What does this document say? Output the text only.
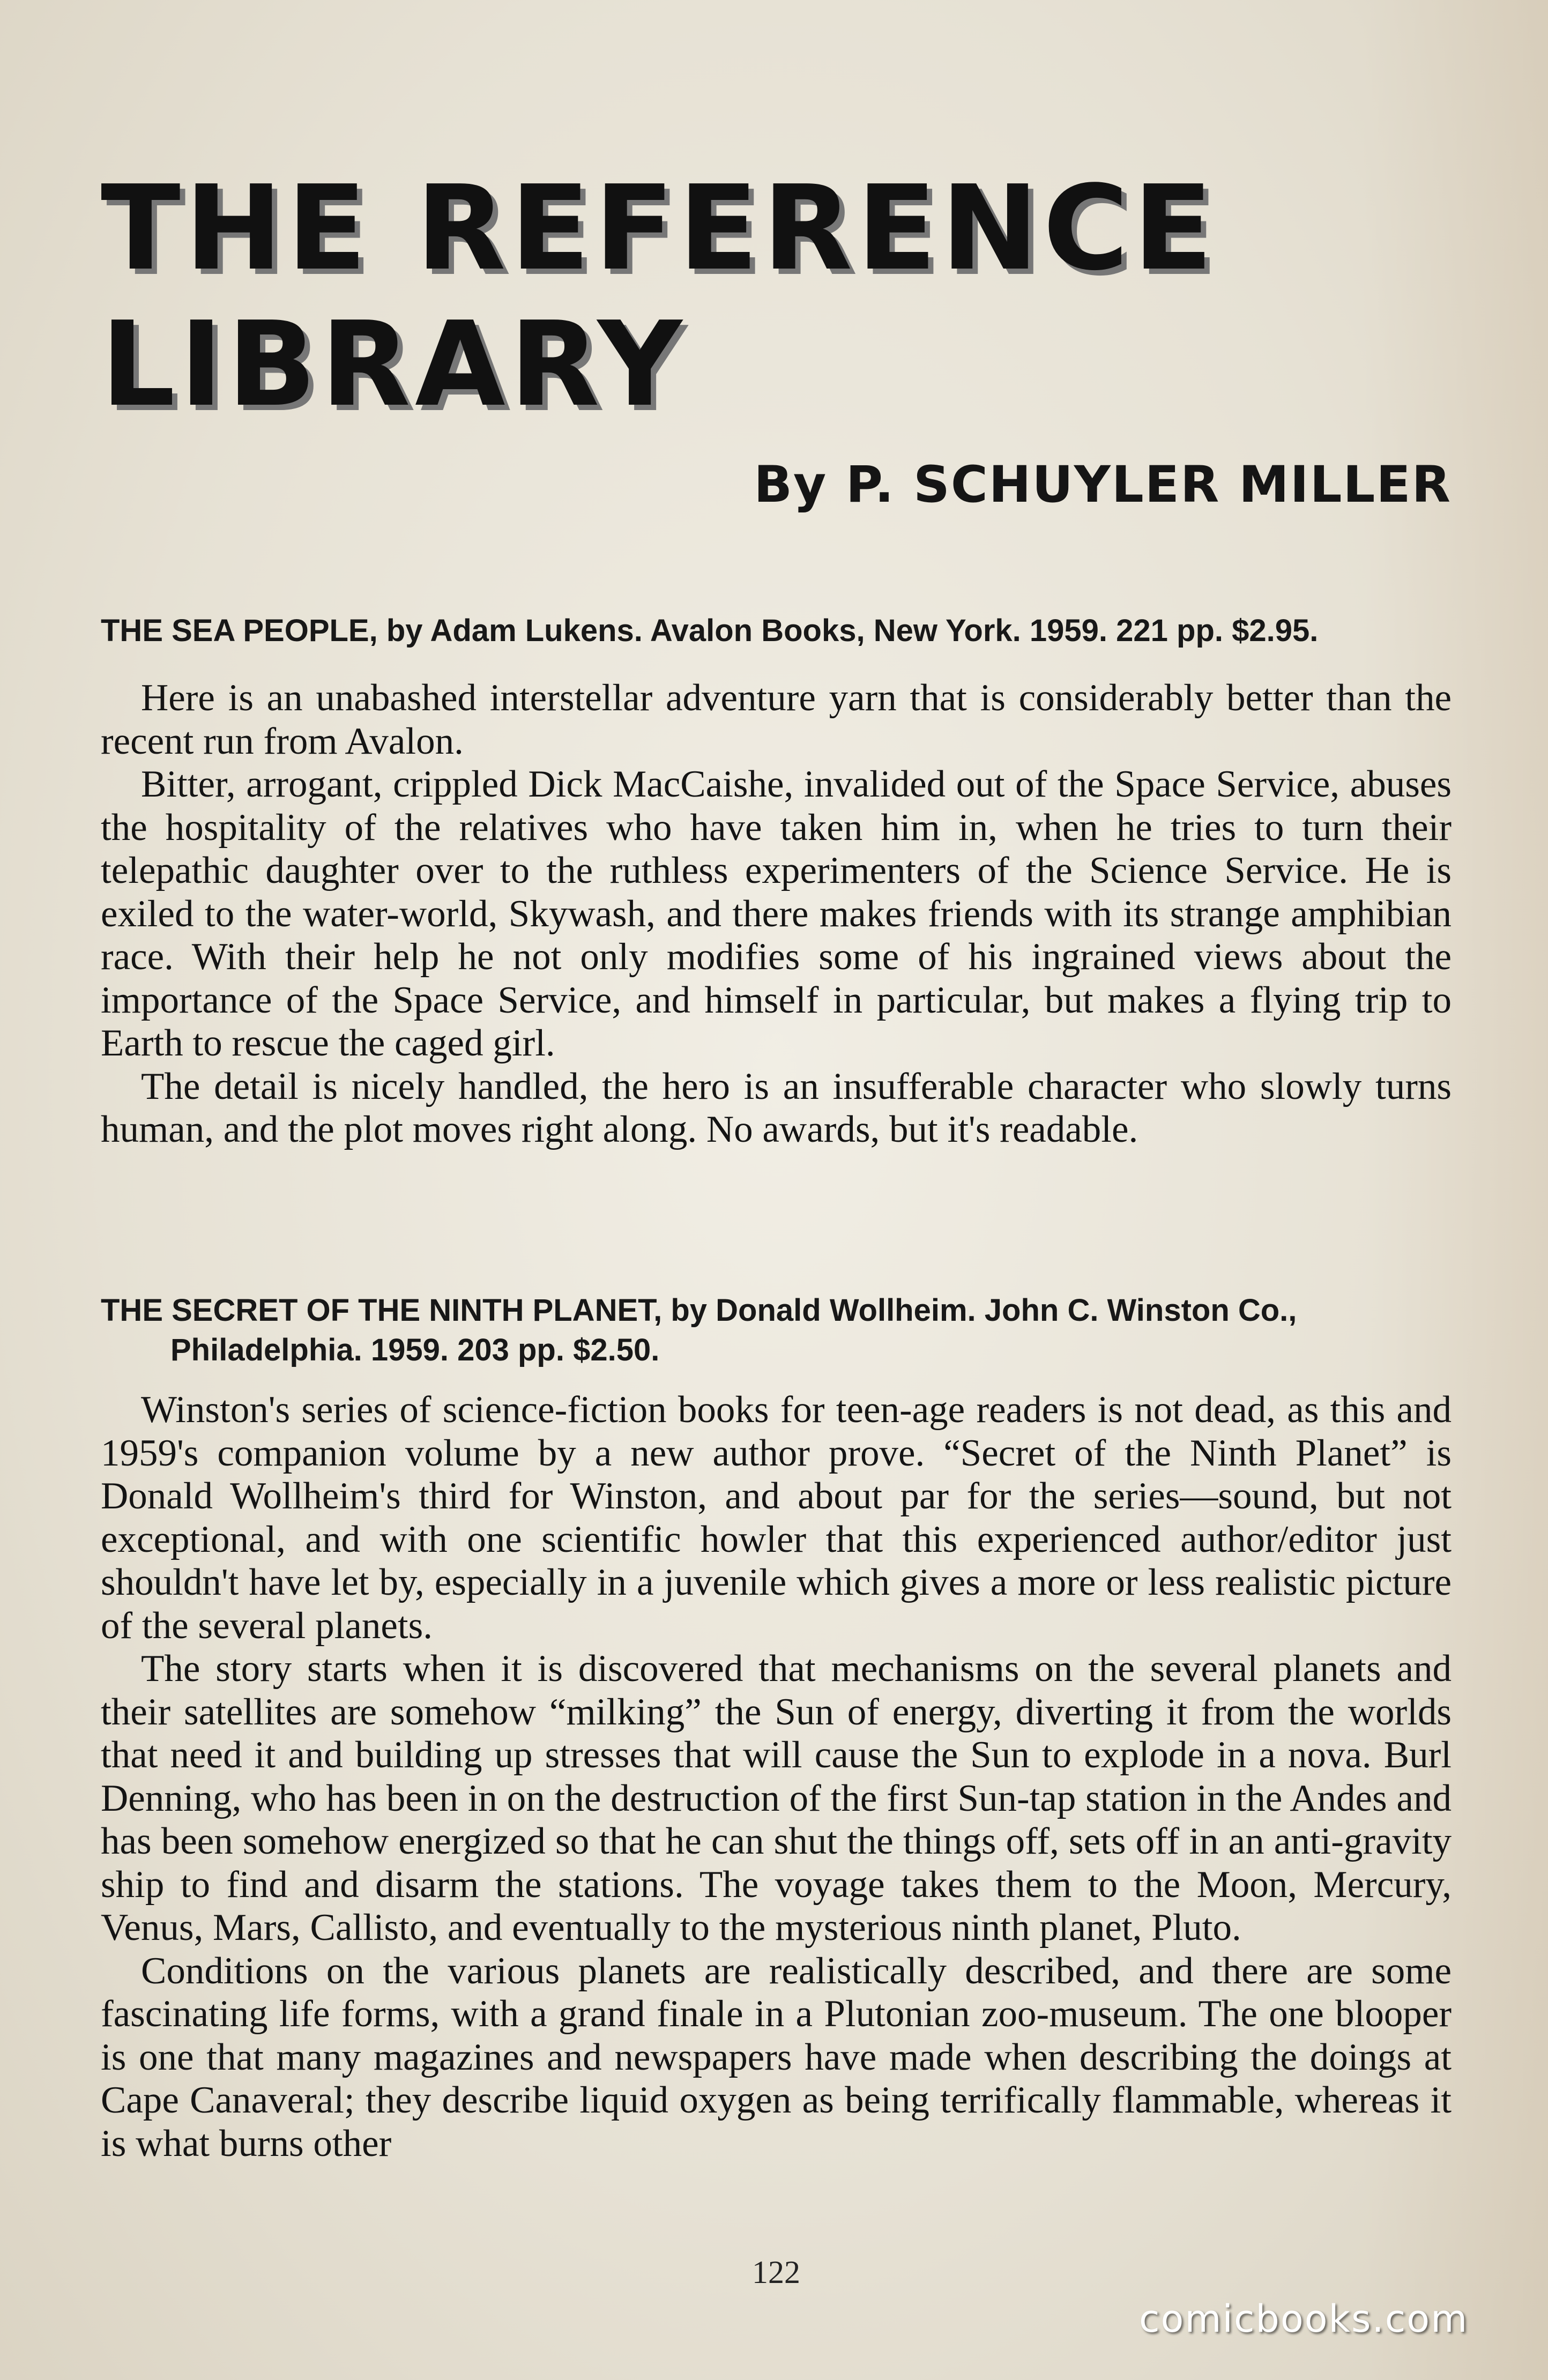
THE REFERENCE
LIBRARY
By P. SCHUYLER MILLER
THE SEA PEOPLE, by Adam Lukens. Avalon Books, New York. 1959. 221 pp. $2.95.

Here is an unabashed interstellar adventure yarn that is considerably better than the recent run from Avalon.

Bitter, arrogant, crippled Dick MacCaishe, invalided out of the Space Service, abuses the hospitality of the relatives who have taken him in, when he tries to turn their telepathic daughter over to the ruthless experimenters of the Science Service. He is exiled to the water-world, Skywash, and there makes friends with its strange amphibian race. With their help he not only modifies some of his ingrained views about the importance of the Space Service, and himself in particular, but makes a flying trip to Earth to rescue the caged girl.

The detail is nicely handled, the hero is an insufferable character who slowly turns human, and the plot moves right along. No awards, but it's readable.

THE SECRET OF THE NINTH PLANET, by Donald Wollheim. John C. Winston Co.,
Philadelphia. 1959. 203 pp. $2.50.

Winston's series of science-fiction books for teen-age readers is not dead, as this and 1959's companion volume by a new author prove. “Secret of the Ninth Planet” is Donald Wollheim's third for Winston, and about par for the series—sound, but not exceptional, and with one scientific howler that this experienced author/editor just shouldn't have let by, especially in a juvenile which gives a more or less realistic picture of the several planets.

The story starts when it is discovered that mechanisms on the several planets and their satellites are somehow “milking” the Sun of energy, diverting it from the worlds that need it and building up stresses that will cause the Sun to explode in a nova. Burl Denning, who has been in on the destruction of the first Sun-tap station in the Andes and has been somehow energized so that he can shut the things off, sets off in an anti-gravity ship to find and disarm the stations. The voyage takes them to the Moon, Mercury, Venus, Mars, Callisto, and eventually to the mysterious ninth planet, Pluto.

Conditions on the various planets are realistically described, and there are some fascinating life forms, with a grand finale in a Plutonian zoo-museum. The one blooper is one that many magazines and newspapers have made when describing the doings at Cape Canaveral; they describe liquid oxygen as being terrifically flammable, whereas it is what burns other

122
comicbooks.com
